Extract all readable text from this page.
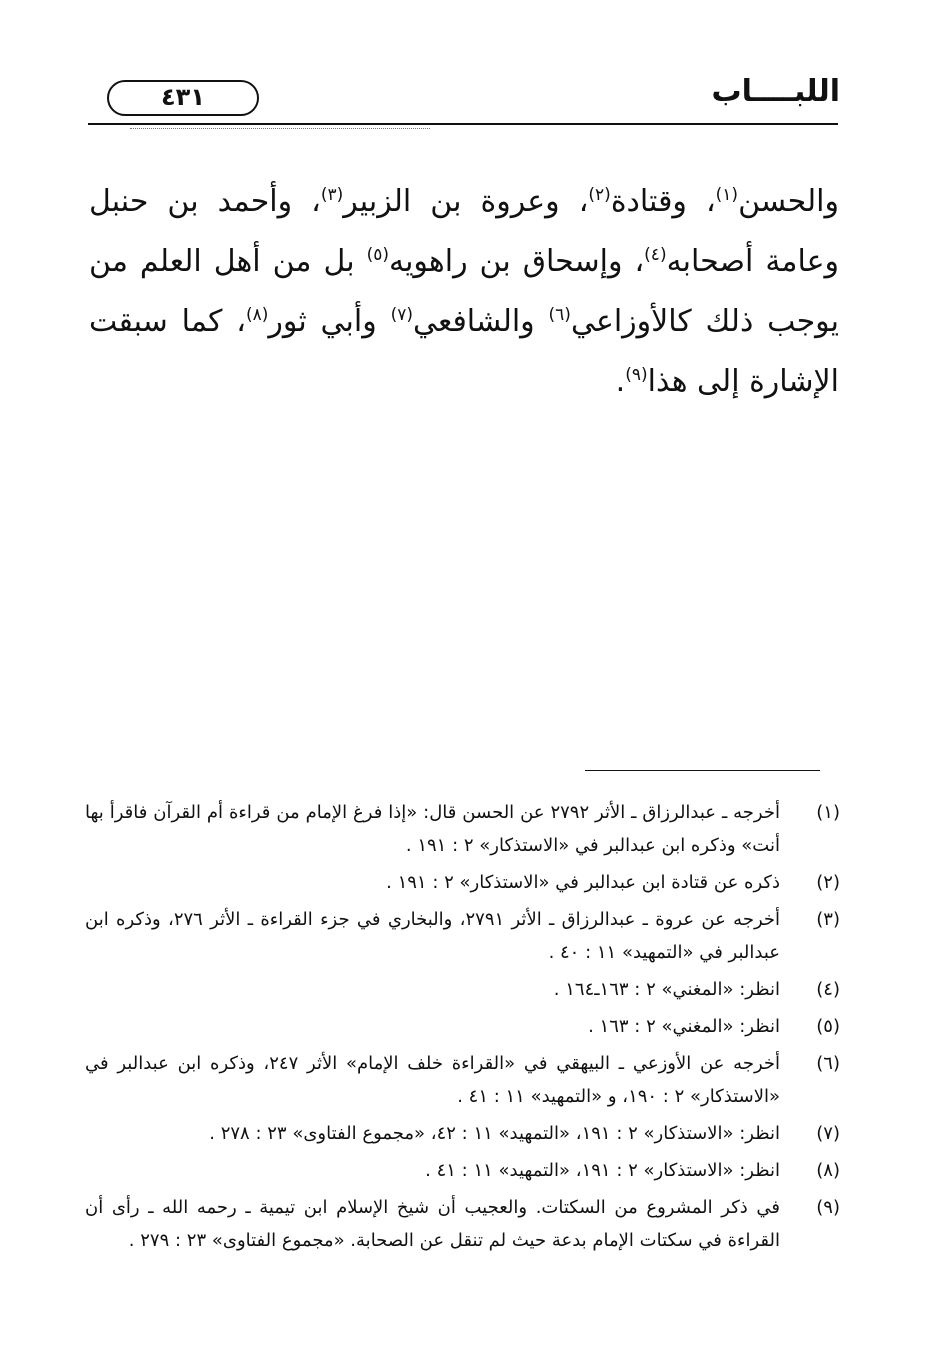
اللبــــاب
٤٣١
والحسن$^{(١)}$، وقتادة$^{(٢)}$، وعروة بن الزبير$^{(٣)}$، وأحمد بن حنبل وعامة أصحابه$^{(٤)}$، وإسحاق بن راهويه$^{(٥)}$ بل من أهل العلم من يوجب ذلك كالأوزاعي$^{(٦)}$ والشافعي$^{(٧)}$ وأبي ثور$^{(٨)}$، كما سبقت الإشارة إلى هذا$^{(٩)}$.
(١)
أخرجه ـ عبدالرزاق ـ الأثر ٢٧٩٢ عن الحسن قال: «إذا فرغ الإمام من قراءة أم القرآن فاقرأ بها أنت» وذكره ابن عبدالبر في «الاستذكار» ٢ : ١٩١ .
(٢)
ذكره عن قتادة ابن عبدالبر في «الاستذكار» ٢ : ١٩١ .
(٣)
أخرجه عن عروة ـ عبدالرزاق ـ الأثر ٢٧٩١، والبخاري في جزء القراءة ـ الأثر ٢٧٦، وذكره ابن عبدالبر في «التمهيد» ١١ : ٤٠ .
(٤)
انظر: «المغني» ٢ : ١٦٣ـ١٦٤ .
(٥)
انظر: «المغني» ٢ : ١٦٣ .
(٦)
أخرجه عن الأوزعي ـ البيهقي في «القراءة خلف الإمام» الأثر ٢٤٧، وذكره ابن عبدالبر في «الاستذكار» ٢ : ١٩٠، و «التمهيد» ١١ : ٤١ .
(٧)
انظر: «الاستذكار» ٢ : ١٩١، «التمهيد» ١١ : ٤٢، «مجموع الفتاوى» ٢٣ : ٢٧٨ .
(٨)
انظر: «الاستذكار» ٢ : ١٩١، «التمهيد» ١١ : ٤١ .
(٩)
في ذكر المشروع من السكتات. والعجيب أن شيخ الإسلام ابن تيمية ـ رحمه الله ـ رأى أن القراءة في سكتات الإمام بدعة حيث لم تنقل عن الصحابة. «مجموع الفتاوى» ٢٣ : ٢٧٩ .
